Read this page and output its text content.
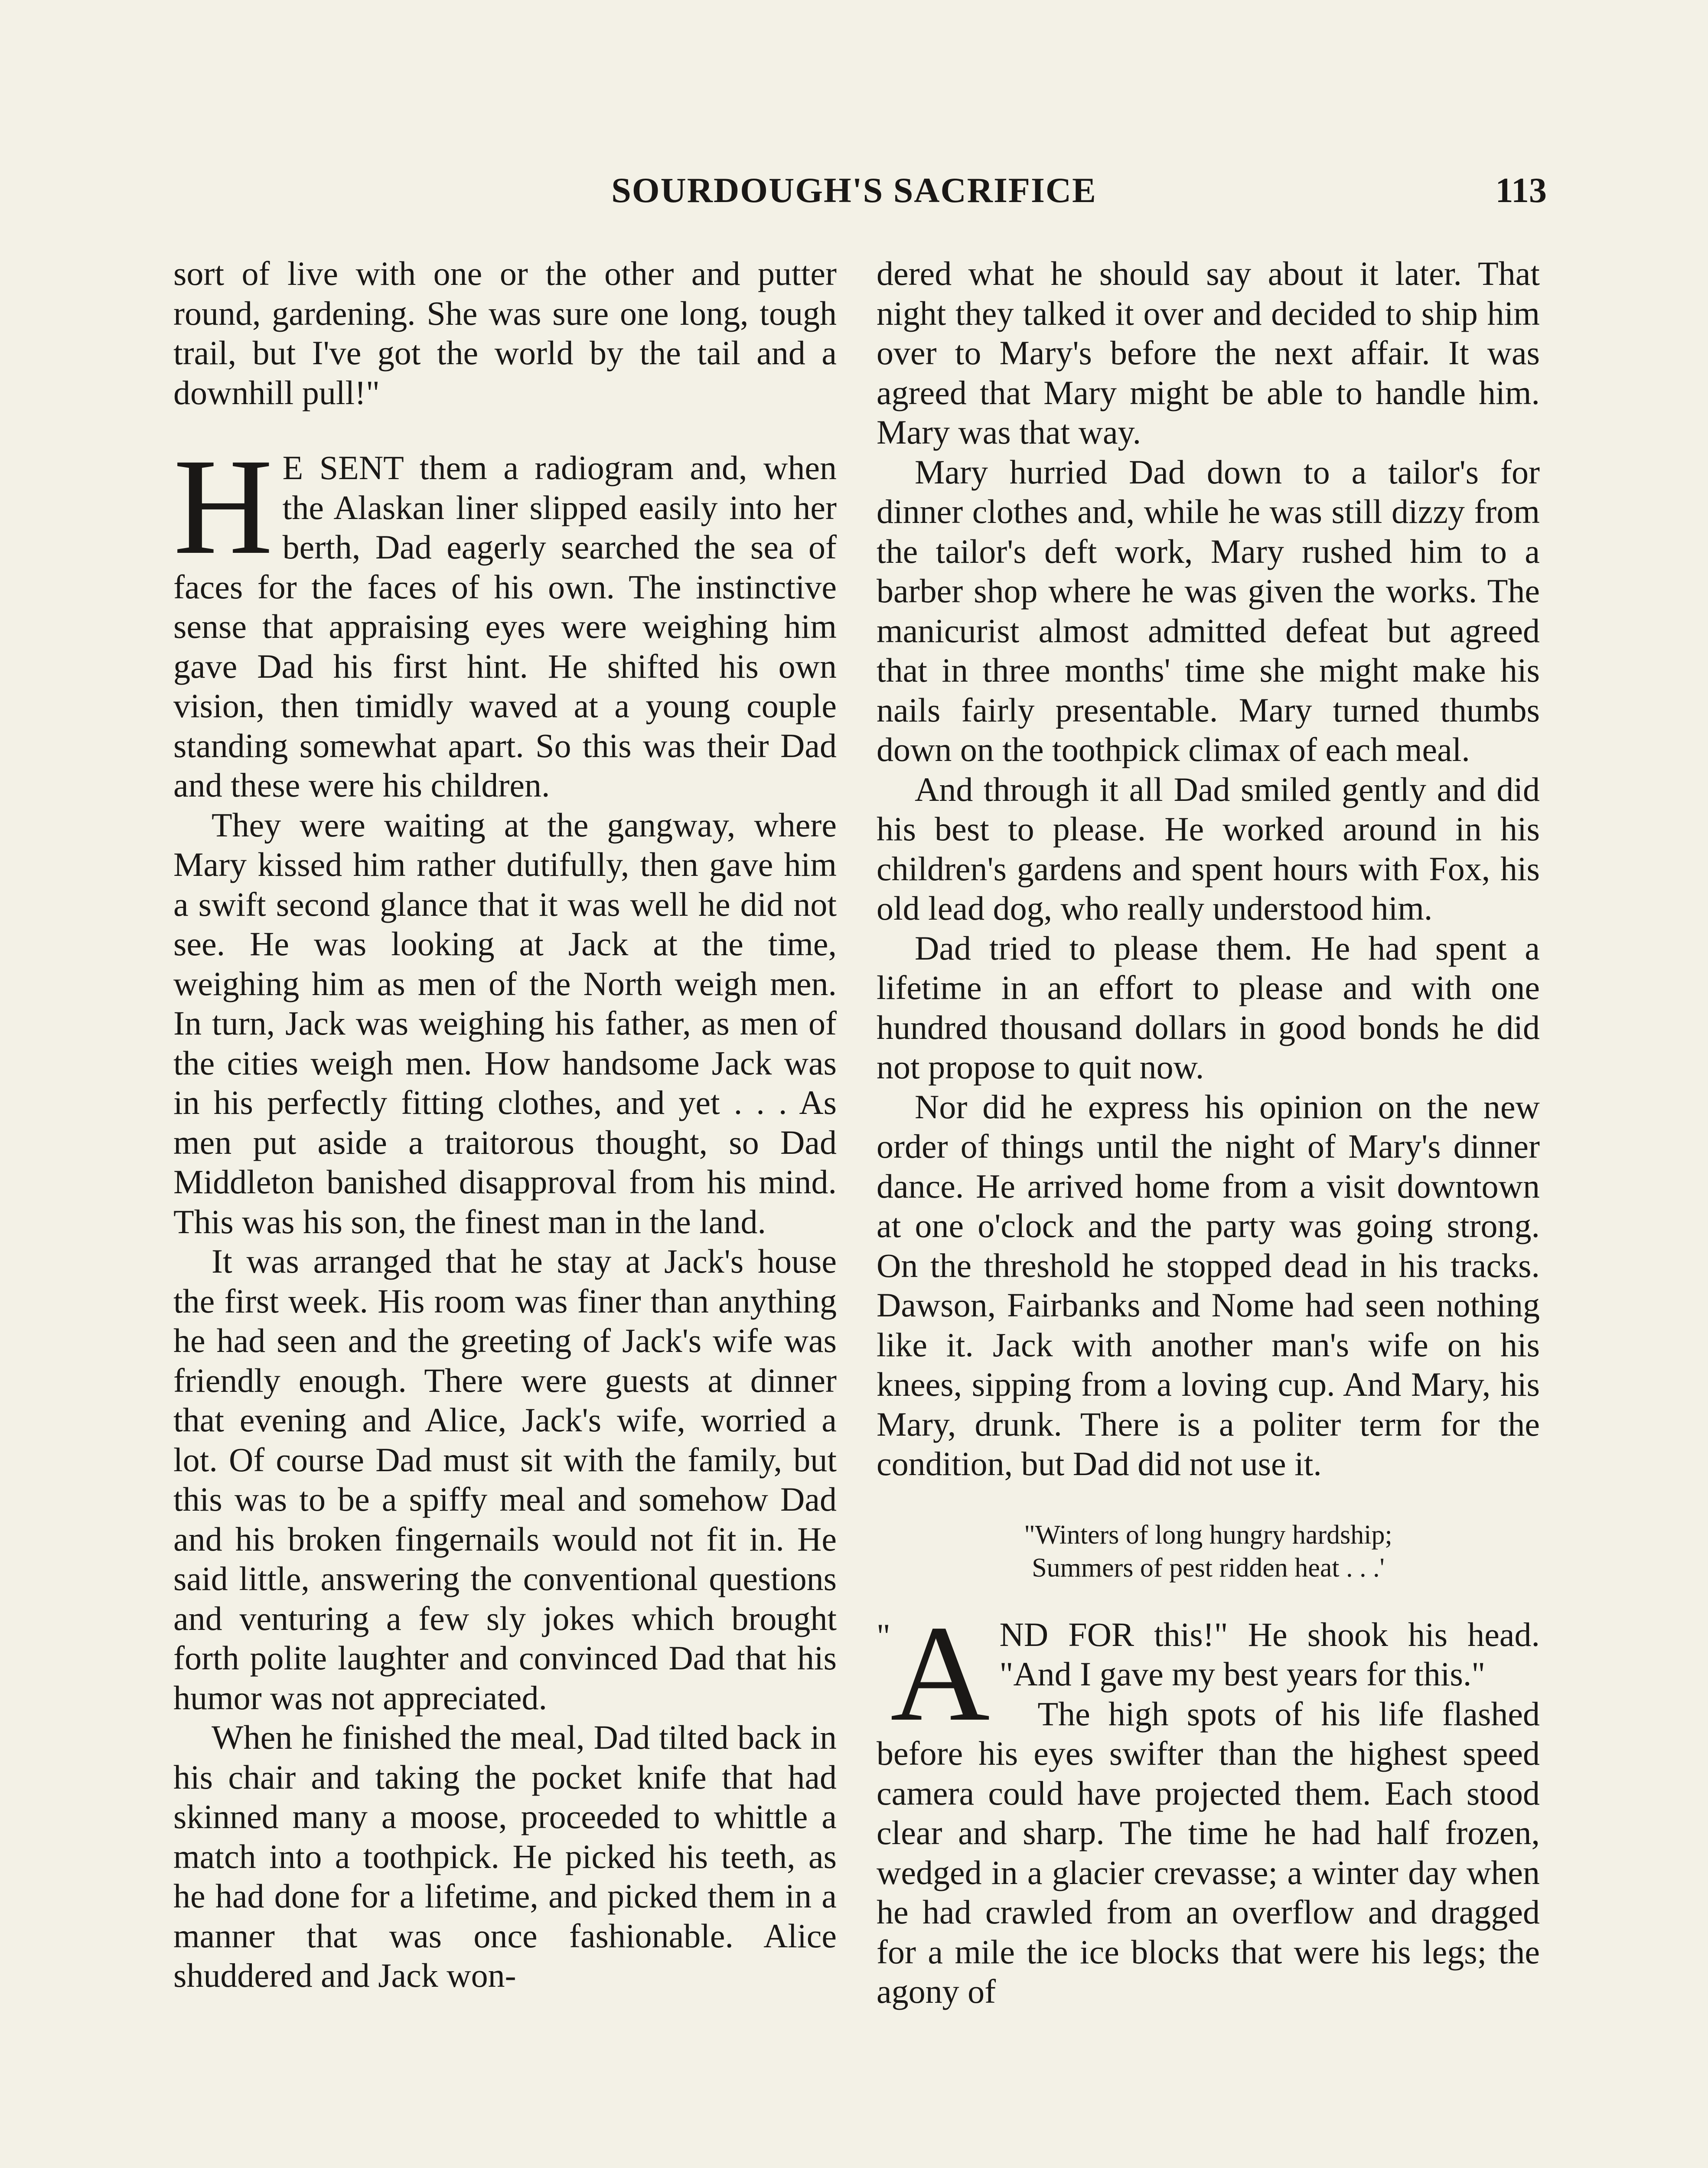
SOURDOUGH'S SACRIFICE	113

sort of live with one or the other and putter round, gardening. She was sure one long, tough trail, but I've got the world by the tail and a downhill pull!"

H E SENT them a radiogram and, when the Alaskan liner slipped easily into her berth, Dad eagerly searched the sea of faces for the faces of his own. The instinctive sense that appraising eyes were weighing him gave Dad his first hint. He shifted his own vision, then timidly waved at a young couple standing somewhat apart. So this was their Dad and these were his children.

They were waiting at the gangway, where Mary kissed him rather dutifully, then gave him a swift second glance that it was well he did not see. He was looking at Jack at the time, weighing him as men of the North weigh men. In turn, Jack was weighing his father, as men of the cities weigh men. How handsome Jack was in his perfectly fitting clothes, and yet . . . As men put aside a traitorous thought, so Dad Middleton banished disapproval from his mind. This was his son, the finest man in the land.

It was arranged that he stay at Jack's house the first week. His room was finer than anything he had seen and the greeting of Jack's wife was friendly enough. There were guests at dinner that evening and Alice, Jack's wife, worried a lot. Of course Dad must sit with the family, but this was to be a spiffy meal and somehow Dad and his broken fingernails would not fit in. He said little, answering the conventional questions and venturing a few sly jokes which brought forth polite laughter and convinced Dad that his humor was not appreciated.

When he finished the meal, Dad tilted back in his chair and taking the pocket knife that had skinned many a moose, proceeded to whittle a match into a toothpick. He picked his teeth, as he had done for a lifetime, and picked them in a manner that was once fashionable. Alice shuddered and Jack won-

dered what he should say about it later. That night they talked it over and decided to ship him over to Mary's before the next affair. It was agreed that Mary might be able to handle him. Mary was that way.

Mary hurried Dad down to a tailor's for dinner clothes and, while he was still dizzy from the tailor's deft work, Mary rushed him to a barber shop where he was given the works. The manicurist almost admitted defeat but agreed that in three months' time she might make his nails fairly presentable. Mary turned thumbs down on the toothpick climax of each meal.

And through it all Dad smiled gently and did his best to please. He worked around in his children's gardens and spent hours with Fox, his old lead dog, who really understood him.

Dad tried to please them. He had spent a lifetime in an effort to please and with one hundred thousand dollars in good bonds he did not propose to quit now.

Nor did he express his opinion on the new order of things until the night of Mary's dinner dance. He arrived home from a visit downtown at one o'clock and the party was going strong. On the threshold he stopped dead in his tracks. Dawson, Fairbanks and Nome had seen nothing like it. Jack with another man's wife on his knees, sipping from a loving cup. And Mary, his Mary, drunk. There is a politer term for the condition, but Dad did not use it.

"Winters of long hungry hardship;
Summers of pest ridden heat . . .'

"A ND FOR this!" He shook his head. "And I gave my best years for this."

The high spots of his life flashed before his eyes swifter than the highest speed camera could have projected them. Each stood clear and sharp. The time he had half frozen, wedged in a glacier crevasse; a winter day when he had crawled from an overflow and dragged for a mile the ice blocks that were his legs; the agony of
